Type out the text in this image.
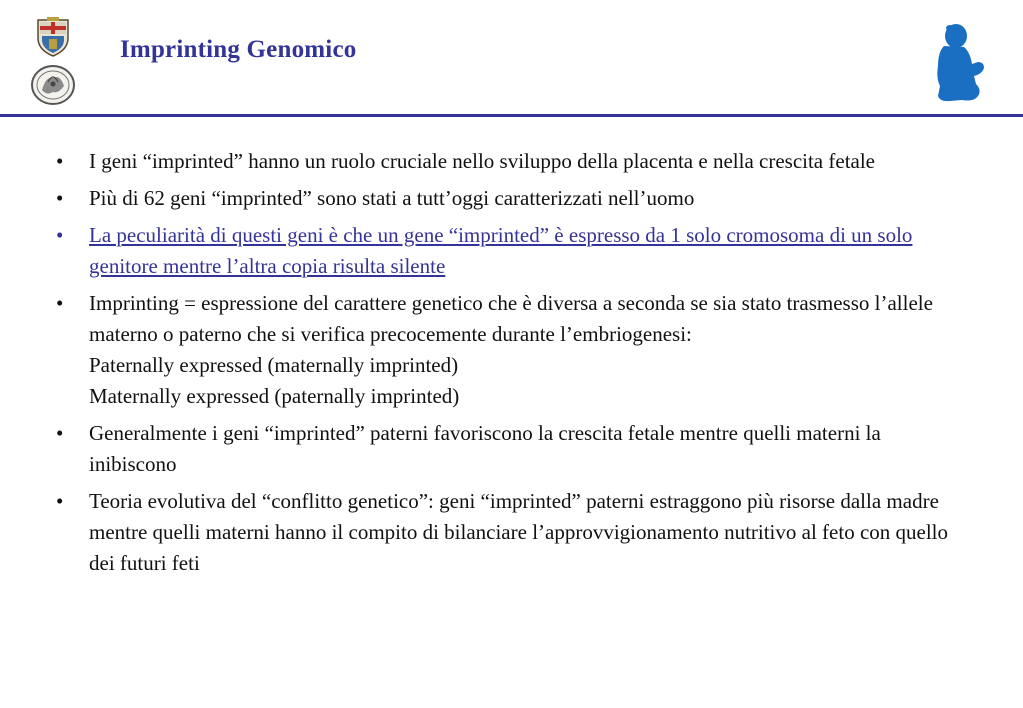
Imprinting Genomico
• I geni “imprinted” hanno un ruolo cruciale nello sviluppo della placenta e nella crescita fetale
• Più di 62 geni “imprinted” sono stati a tutt’oggi caratterizzati nell’uomo
• La peculiarità di questi geni è che un gene “imprinted” è espresso da 1 solo cromosoma di un solo genitore mentre l’altra copia risulta silente
• Imprinting = espressione del carattere genetico che è diversa a seconda se sia stato trasmesso l’allele materno o paterno che si verifica precocemente durante l’embriogenesi:
Paternally expressed (maternally imprinted)
Maternally expressed (paternally imprinted)
• Generalmente i geni “imprinted” paterni favoriscono la crescita fetale mentre quelli materni la inibiscono
• Teoria evolutiva del “conflitto genetico”: geni “imprinted” paterni estraggono più risorse dalla madre mentre quelli materni hanno il compito di bilanciare l’approvvigionamento nutritivo al feto con quello dei futuri feti
